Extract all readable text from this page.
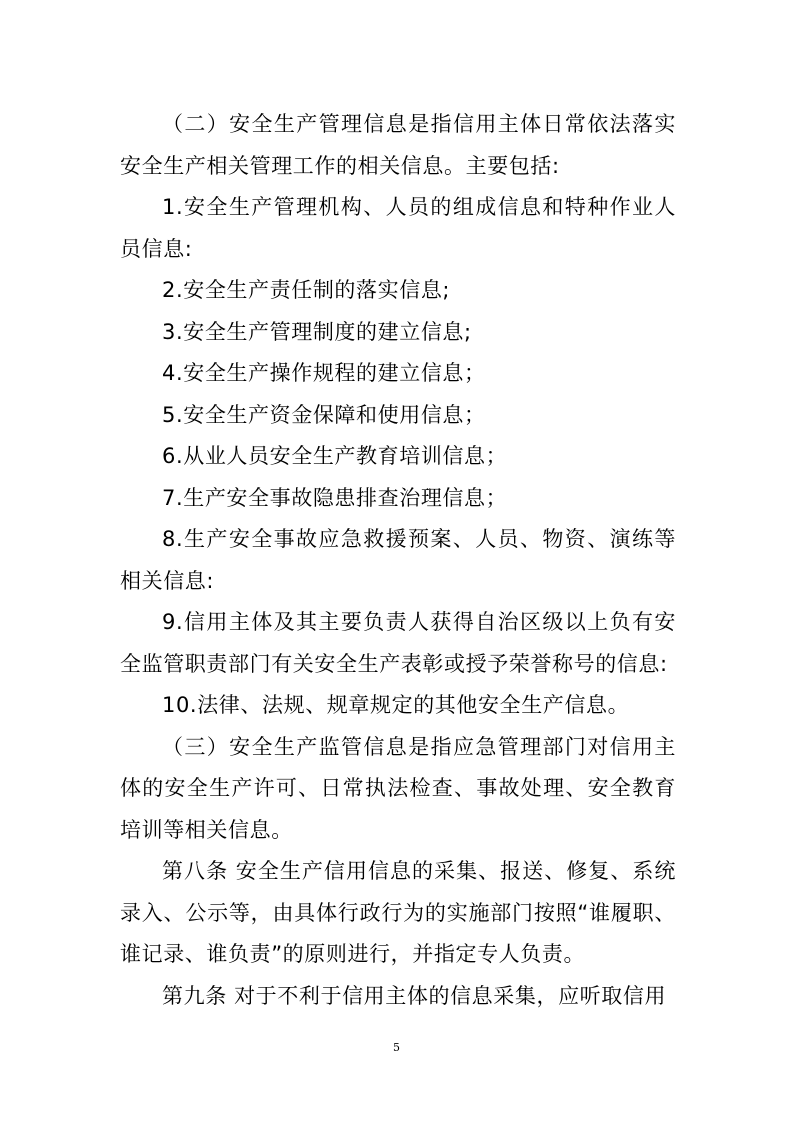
（二）安全生产管理信息是指信用主体日常依法落实安全生产相关管理工作的相关信息。主要包括:

1.安全生产管理机构、人员的组成信息和特种作业人员信息:

2.安全生产责任制的落实信息;

3.安全生产管理制度的建立信息;

4.安全生产操作规程的建立信息；

5.安全生产资金保障和使用信息；

6.从业人员安全生产教育培训信息；

7.生产安全事故隐患排查治理信息；

8.生产安全事故应急救援预案、人员、物资、演练等相关信息:

9.信用主体及其主要负责人获得自治区级以上负有安全监管职责部门有关安全生产表彰或授予荣誉称号的信息:

10.法律、法规、规章规定的其他安全生产信息。

（三）安全生产监管信息是指应急管理部门对信用主体的安全生产许可、日常执法检查、事故处理、安全教育培训等相关信息。

第八条 安全生产信用信息的采集、报送、修复、系统录入、公示等，由具体行政行为的实施部门按照“谁履职、谁记录、谁负责”的原则进行，并指定专人负责。

第九条 对于不利于信用主体的信息采集，应听取信用

5
